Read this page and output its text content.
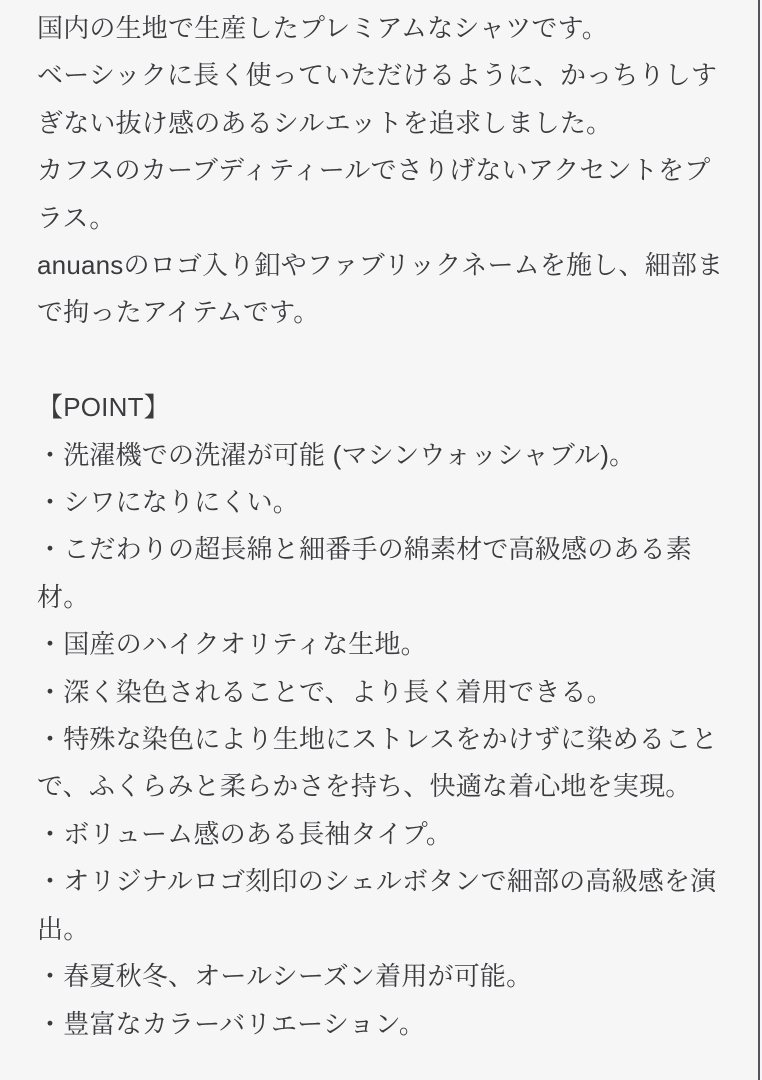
国内の生地で生産したプレミアムなシャツです。
ベーシックに長く使っていただけるように、かっちりしす
ぎない抜け感のあるシルエットを追求しました。
カフスのカーブディティールでさりげないアクセントをプ
ラス。
anuansのロゴ入り釦やファブリックネームを施し、細部ま
で拘ったアイテムです。
【POINT】
・洗濯機での洗濯が可能 (マシンウォッシャブル)。
・シワになりにくい。
・こだわりの超長綿と細番手の綿素材で高級感のある素
材。
・国産のハイクオリティな生地。
・深く染色されることで、より長く着用できる。
・特殊な染色により生地にストレスをかけずに染めること
で、ふくらみと柔らかさを持ち、快適な着心地を実現。
・ボリューム感のある長袖タイプ。
・オリジナルロゴ刻印のシェルボタンで細部の高級感を演
出。
・春夏秋冬、オールシーズン着用が可能。
・豊富なカラーバリエーション。
